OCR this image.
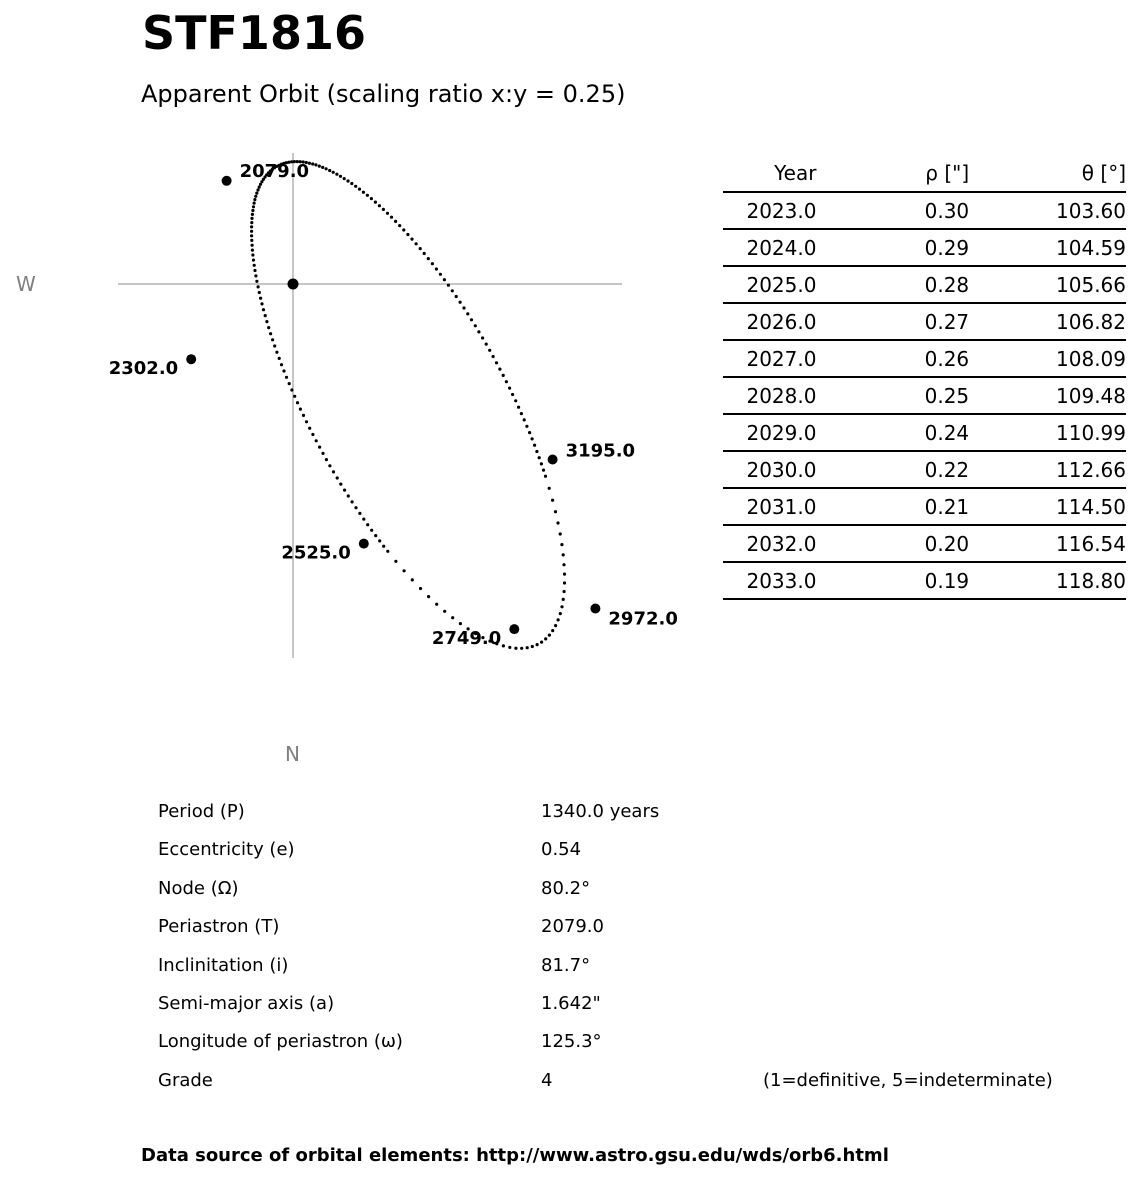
STF1816
Apparent Orbit (scaling ratio x:y = 0.25)
W
N
2079.0
2302.0
2525.0
2749.0
2972.0
3195.0
Year	ρ ["]	θ [°]
2023.0	0.30	103.60
2024.0	0.29	104.59
2025.0	0.28	105.66
2026.0	0.27	106.82
2027.0	0.26	108.09
2028.0	0.25	109.48
2029.0	0.24	110.99
2030.0	0.22	112.66
2031.0	0.21	114.50
2032.0	0.20	116.54
2033.0	0.19	118.80
Period (P)	1340.0 years
Eccentricity (e)	0.54
Node (Ω)	80.2°
Periastron (T)	2079.0
Inclinitation (i)	81.7°
Semi-major axis (a)	1.642"
Longitude of periastron (ω)	125.3°
Grade	4	(1=definitive, 5=indeterminate)
Data source of orbital elements: http://www.astro.gsu.edu/wds/orb6.html
